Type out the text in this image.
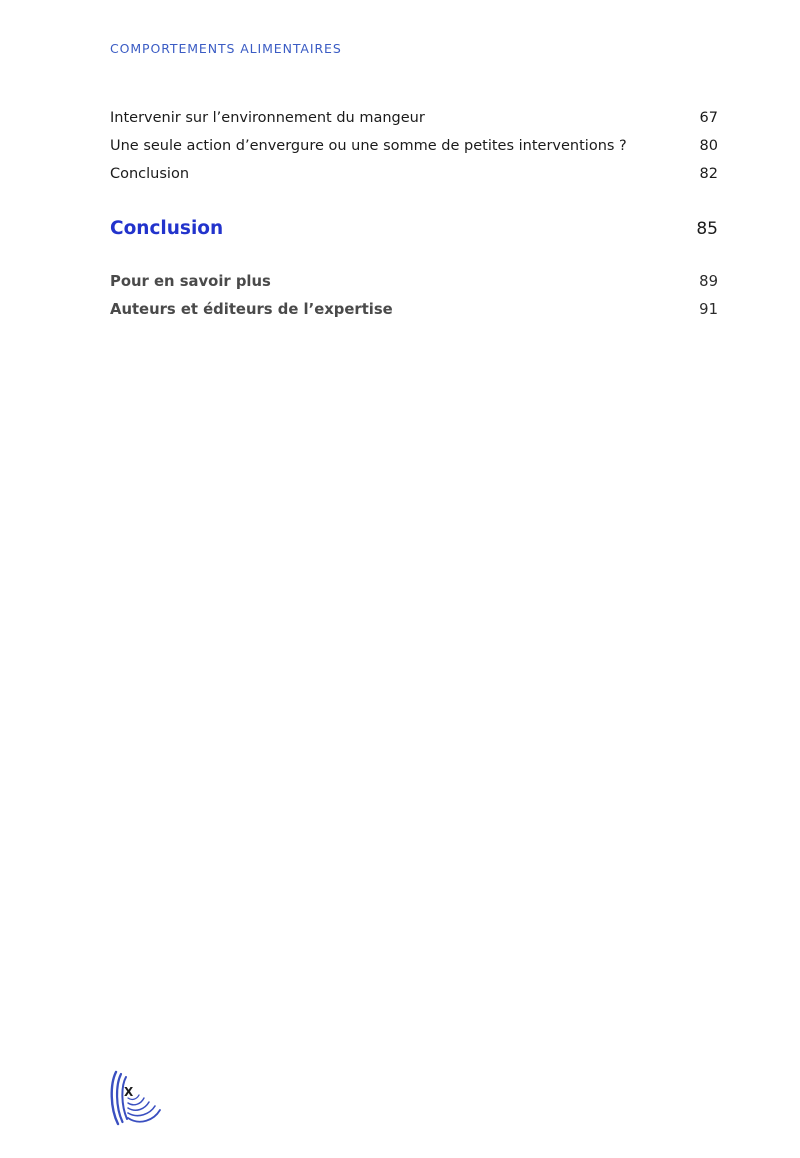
COMPORTEMENTS ALIMENTAIRES
Intervenir sur l’environnement du mangeur	67
Une seule action d’envergure ou une somme de petites interventions ?	80
Conclusion	82
Conclusion	85
Pour en savoir plus	89
Auteurs et éditeurs de l’expertise	91
X
